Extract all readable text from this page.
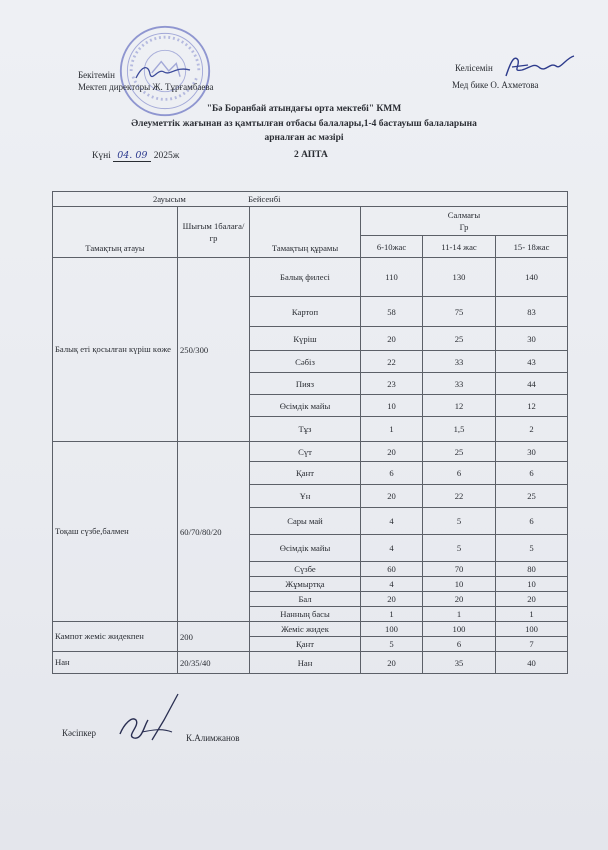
Бекітемін
Мектеп директоры Ж. Тұрғамбаева
Келісемін
Мед бике О. Ахметова
"Бә Боранбай атындағы орта мектебі" КММ
Әлеуметтік жағынан аз қамтылған отбасы балалары,1-4 бастауыш балаларына
арналған ас мәзірі
Күні 04. 09 2025ж	2 АПТА
2ауысым Бейсенбі					
Тамақтың атауы	Шығым 1балаға/гр	Тамақтың құрамы	Салмағы
Гр		

			6-10жас	11-14 жас	15- 18жас
Балық еті қосылған күріш көже	250/300	Балық филесі	110	130	140
		Картоп	58	75	83
		Күріш	20	25	30
		Сәбіз	22	33	43
		Пияз	23	33	44
		Өсімдік майы	10	12	12
		Тұз	1	1,5	2
Тоқаш сүзбе,балмен	60/70/80/20	Сүт	20	25	30
		Қант	6	6	6
		Ұн	20	22	25
		Сары май	4	5	6
		Өсімдік майы	4	5	5
		Сүзбе	60	70	80
		Жұмыртқа	4	10	10
		Бал	20	20	20
		Нанның басы	1	1	1
Кампот жеміс жидекпен	200	Жеміс жидек	100	100	100
		Қант	5	6	7
Нан	20/35/40	Нан	20	35	40
Кәсіпкер	К.Алимжанов
